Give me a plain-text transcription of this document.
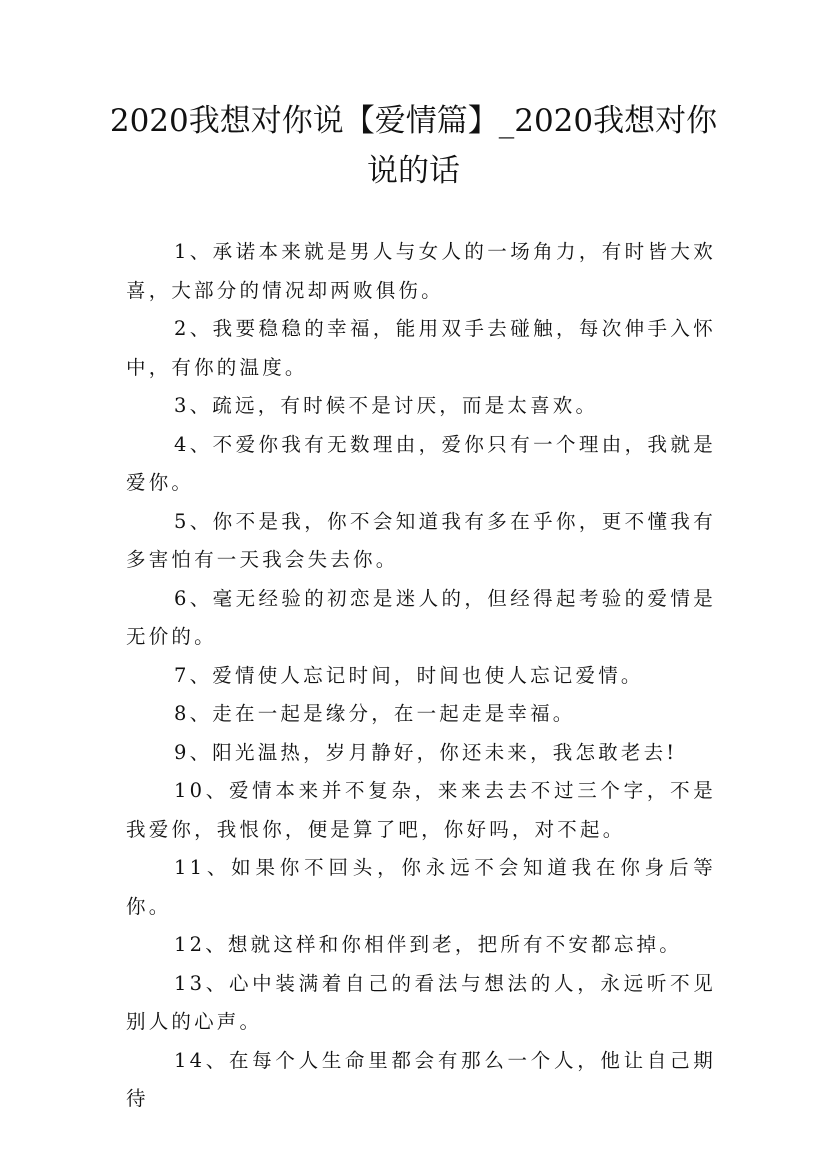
2020我想对你说【爱情篇】_2020我想对你说的话

1、承诺本来就是男人与女人的一场角力，有时皆大欢喜，大部分的情况却两败俱伤。

2、我要稳稳的幸福，能用双手去碰触，每次伸手入怀中，有你的温度。

3、疏远，有时候不是讨厌，而是太喜欢。

4、不爱你我有无数理由，爱你只有一个理由，我就是爱你。

5、你不是我，你不会知道我有多在乎你，更不懂我有多害怕有一天我会失去你。

6、毫无经验的初恋是迷人的，但经得起考验的爱情是无价的。

7、爱情使人忘记时间，时间也使人忘记爱情。

8、走在一起是缘分，在一起走是幸福。

9、阳光温热，岁月静好，你还未来，我怎敢老去!

10、爱情本来并不复杂，来来去去不过三个字，不是我爱你，我恨你，便是算了吧，你好吗，对不起。

11、如果你不回头，你永远不会知道我在你身后等你。

12、想就这样和你相伴到老，把所有不安都忘掉。

13、心中装满着自己的看法与想法的人，永远听不见别人的心声。

14、在每个人生命里都会有那么一个人，他让自己期待
